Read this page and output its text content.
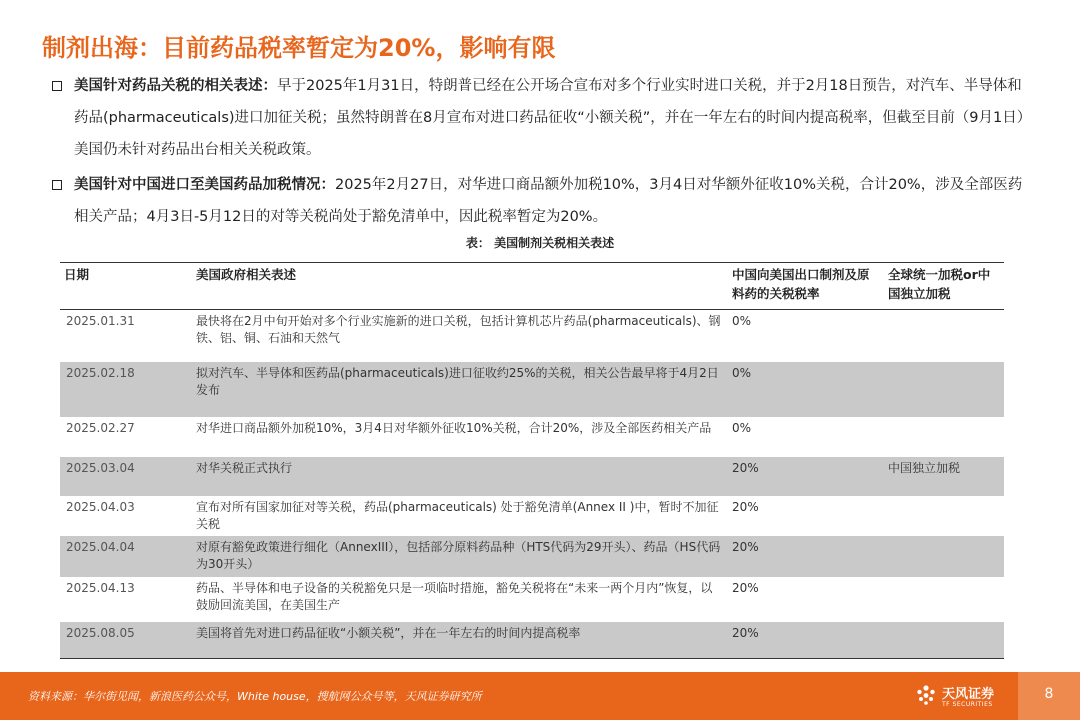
制剂出海：目前药品税率暂定为20%，影响有限
美国针对药品关税的相关表述：早于2025年1月31日，特朗普已经在公开场合宣布对多个行业实时进口关税，并于2月18日预告，对汽车、半导体和药品(pharmaceuticals)进口加征关税；虽然特朗普在8月宣布对进口药品征收“小额关税”，并在一年左右的时间内提高税率，但截至目前（9月1日）美国仍未针对药品出台相关关税政策。
美国针对中国进口至美国药品加税情况：2025年2月27日，对华进口商品额外加税10%，3月4日对华额外征收10%关税，合计20%，涉及全部医药相关产品；4月3日-5月12日的对等关税尚处于豁免清单中，因此税率暂定为20%。
表： 美国制剂关税相关表述
日期	美国政府相关表述	中国向美国出口制剂及原料药的关税税率	全球统一加税or中国独立加税
2025.01.31	最快将在2月中旬开始对多个行业实施新的进口关税，包括计算机芯片药品(pharmaceuticals)、钢铁、铝、铜、石油和天然气	0%	
2025.02.18	拟对汽车、半导体和医药品(pharmaceuticals)进口征收约25%的关税，相关公告最早将于4月2日发布	0%	
2025.02.27	对华进口商品额外加税10%，3月4日对华额外征收10%关税，合计20%，涉及全部医药相关产品	0%	
2025.03.04	对华关税正式执行	20%	中国独立加税
2025.04.03	宣布对所有国家加征对等关税，药品(pharmaceuticals) 处于豁免清单(Annex II )中，暂时不加征关税	20%	
2025.04.04	对原有豁免政策进行细化（AnnexIII），包括部分原料药品种（HTS代码为29开头）、药品（HS代码为30开头）	20%	
2025.04.13	药品、半导体和电子设备的关税豁免只是一项临时措施，豁免关税将在“未来一两个月内”恢复，以鼓励回流美国，在美国生产	20%	
2025.08.05	美国将首先对进口药品征收“小额关税”，并在一年左右的时间内提高税率	20%	
资料来源：华尔街见闻，新浪医药公众号，White house，搜航网公众号等，天风证券研究所	天风证券
TF SECURITIES
8
